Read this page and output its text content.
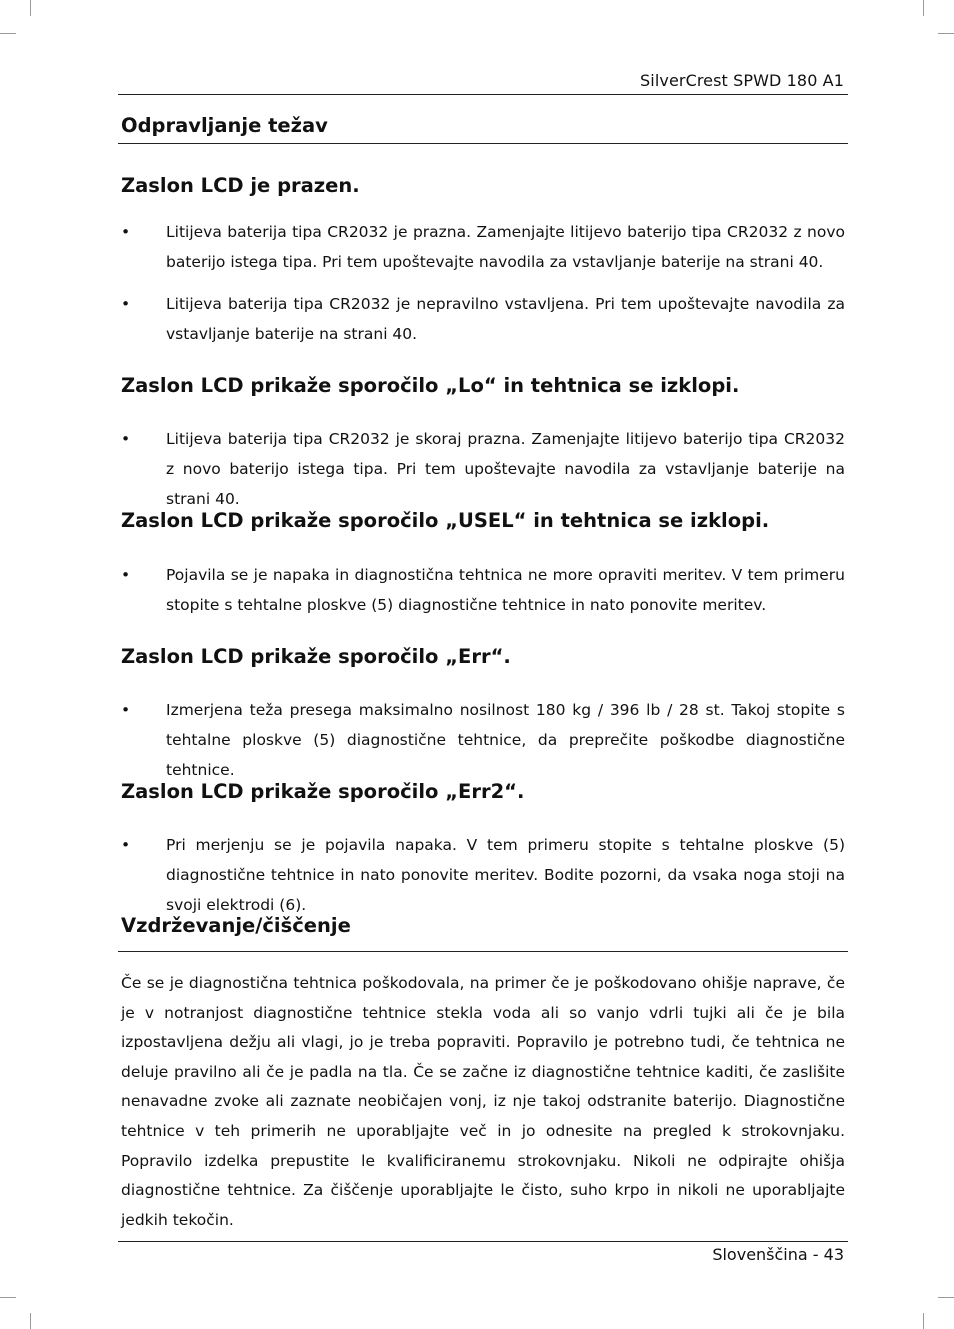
SilverCrest SPWD 180 A1
Odpravljanje težav
Zaslon LCD je prazen.
• Litijeva baterija tipa CR2032 je prazna. Zamenjajte litijevo baterijo tipa CR2032 z novo baterijo istega tipa. Pri tem upoštevajte navodila za vstavljanje baterije na strani 40.
• Litijeva baterija tipa CR2032 je nepravilno vstavljena. Pri tem upoštevajte navodila za vstavljanje baterije na strani 40.
Zaslon LCD prikaže sporočilo „Lo“ in tehtnica se izklopi.
• Litijeva baterija tipa CR2032 je skoraj prazna. Zamenjajte litijevo baterijo tipa CR2032 z novo baterijo istega tipa. Pri tem upoštevajte navodila za vstavljanje baterije na strani 40.
Zaslon LCD prikaže sporočilo „USEL“ in tehtnica se izklopi.
• Pojavila se je napaka in diagnostična tehtnica ne more opraviti meritev. V tem primeru stopite s tehtalne ploskve (5) diagnostične tehtnice in nato ponovite meritev.
Zaslon LCD prikaže sporočilo „Err“.
• Izmerjena teža presega maksimalno nosilnost 180 kg / 396 lb / 28 st. Takoj stopite s tehtalne ploskve (5) diagnostične tehtnice, da preprečite poškodbe diagnostične tehtnice.
Zaslon LCD prikaže sporočilo „Err2“.
• Pri merjenju se je pojavila napaka. V tem primeru stopite s tehtalne ploskve (5) diagnostične tehtnice in nato ponovite meritev. Bodite pozorni, da vsaka noga stoji na svoji elektrodi (6).
Vzdrževanje/čiščenje

Če se je diagnostična tehtnica poškodovala, na primer če je poškodovano ohišje naprave, če je v notranjost diagnostične tehtnice stekla voda ali so vanjo vdrli tujki ali če je bila izpostavljena dežju ali vlagi, jo je treba popraviti. Popravilo je potrebno tudi, če tehtnica ne deluje pravilno ali če je padla na tla. Če se začne iz diagnostične tehtnice kaditi, če zaslišite nenavadne zvoke ali zaznate neobičajen vonj, iz nje takoj odstranite baterijo. Diagnostične tehtnice v teh primerih ne uporabljajte več in jo odnesite na pregled k strokovnjaku. Popravilo izdelka prepustite le kvalificiranemu strokovnjaku. Nikoli ne odpirajte ohišja diagnostične tehtnice. Za čiščenje uporabljajte le čisto, suho krpo in nikoli ne uporabljajte jedkih tekočin.

Slovenščina - 43
